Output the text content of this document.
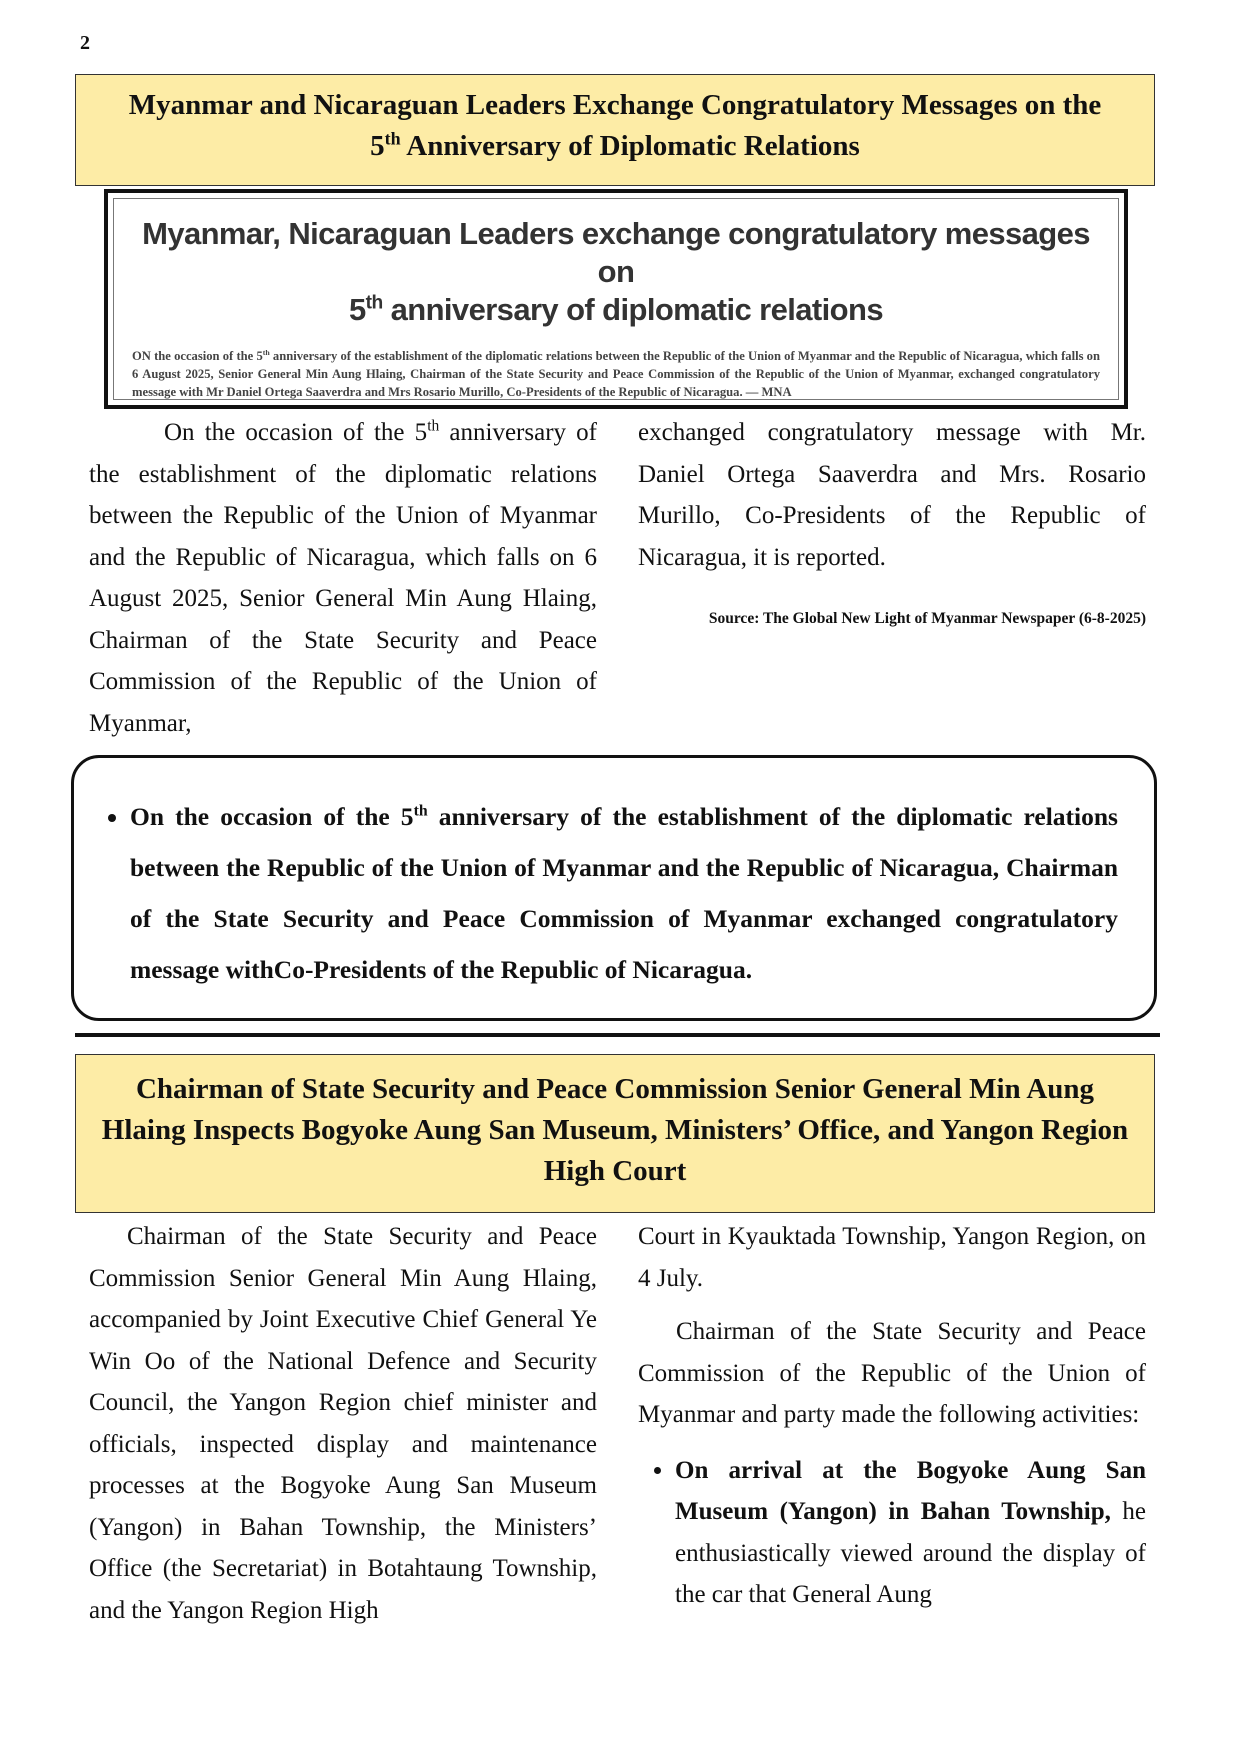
2
Myanmar and Nicaraguan Leaders Exchange Congratulatory Messages on the
5th Anniversary of Diplomatic Relations
Myanmar, Nicaraguan Leaders exchange congratulatory messages on
5th anniversary of diplomatic relations
ON the occasion of the 5th anniversary of the establishment of the diplomatic relations between the Republic of the Union of Myanmar and the Republic of Nicaragua, which falls on 6 August 2025, Senior General Min Aung Hlaing, Chairman of the State Security and Peace Commission of the Republic of the Union of Myanmar, exchanged congratulatory message with Mr Daniel Ortega Saaverdra and Mrs Rosario Murillo, Co-Presidents of the Republic of Nicaragua. — MNA

On the occasion of the 5th anniversary of the establishment of the diplomatic relations between the Republic of the Union of Myanmar and the Republic of Nicaragua, which falls on 6 August 2025, Senior General Min Aung Hlaing, Chairman of the State Security and Peace Commission of the Republic of the Union of Myanmar,

exchanged congratulatory message with Mr. Daniel Ortega Saaverdra and Mrs. Rosario Murillo, Co-Presidents of the Republic of Nicaragua, it is reported.

Source: The Global New Light of Myanmar Newspaper (6-8-2025)
• On the occasion of the 5th anniversary of the establishment of the diplomatic relations between the Republic of the Union of Myanmar and the Republic of Nicaragua, Chairman of the State Security and Peace Commission of Myanmar exchanged congratulatory message withCo-Presidents of the Republic of Nicaragua.
Chairman of State Security and Peace Commission Senior General Min Aung Hlaing Inspects Bogyoke Aung San Museum, Ministers’ Office, and Yangon Region High Court

Chairman of the State Security and Peace Commission Senior General Min Aung Hlaing, accompanied by Joint Executive Chief General Ye Win Oo of the National Defence and Security Council, the Yangon Region chief minister and officials, inspected display and maintenance processes at the Bogyoke Aung San Museum (Yangon) in Bahan Township, the Ministers’ Office (the Secretariat) in Botahtaung Township, and the Yangon Region High

Court in Kyauktada Township, Yangon Region, on 4 July.

Chairman of the State Security and Peace Commission of the Republic of the Union of Myanmar and party made the following activities:

• On arrival at the Bogyoke Aung San Museum (Yangon) in Bahan Township, he enthusiastically viewed around the display of the car that General Aung
